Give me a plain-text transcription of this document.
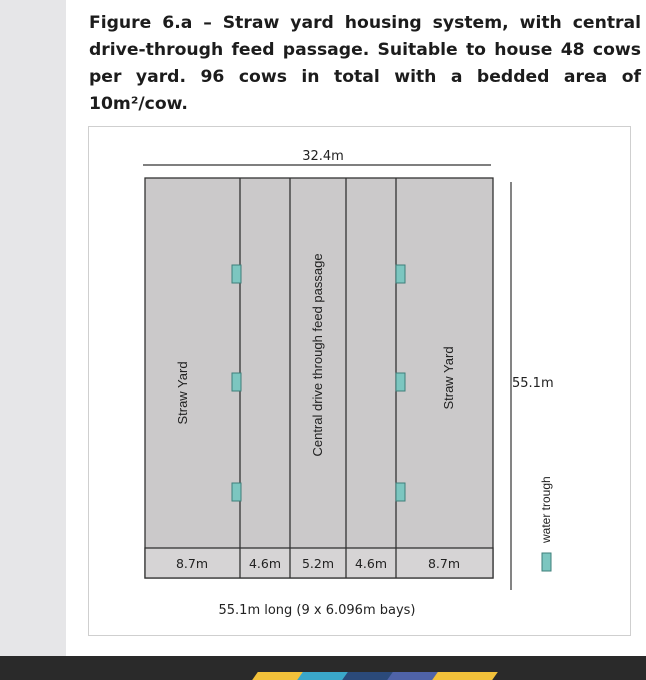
Figure 6.a – Straw yard housing system, with central drive-through feed passage. Suitable to house 48 cows per yard. 96 cows in total with a bedded area of 10m²/cow.

32.4m
Straw Yard	Central drive through feed passage	Straw Yard
8.7m	4.6m 5.2m 4.6m	8.7m
55.1m
water trough
55.1m long (9 x 6.096m bays)
